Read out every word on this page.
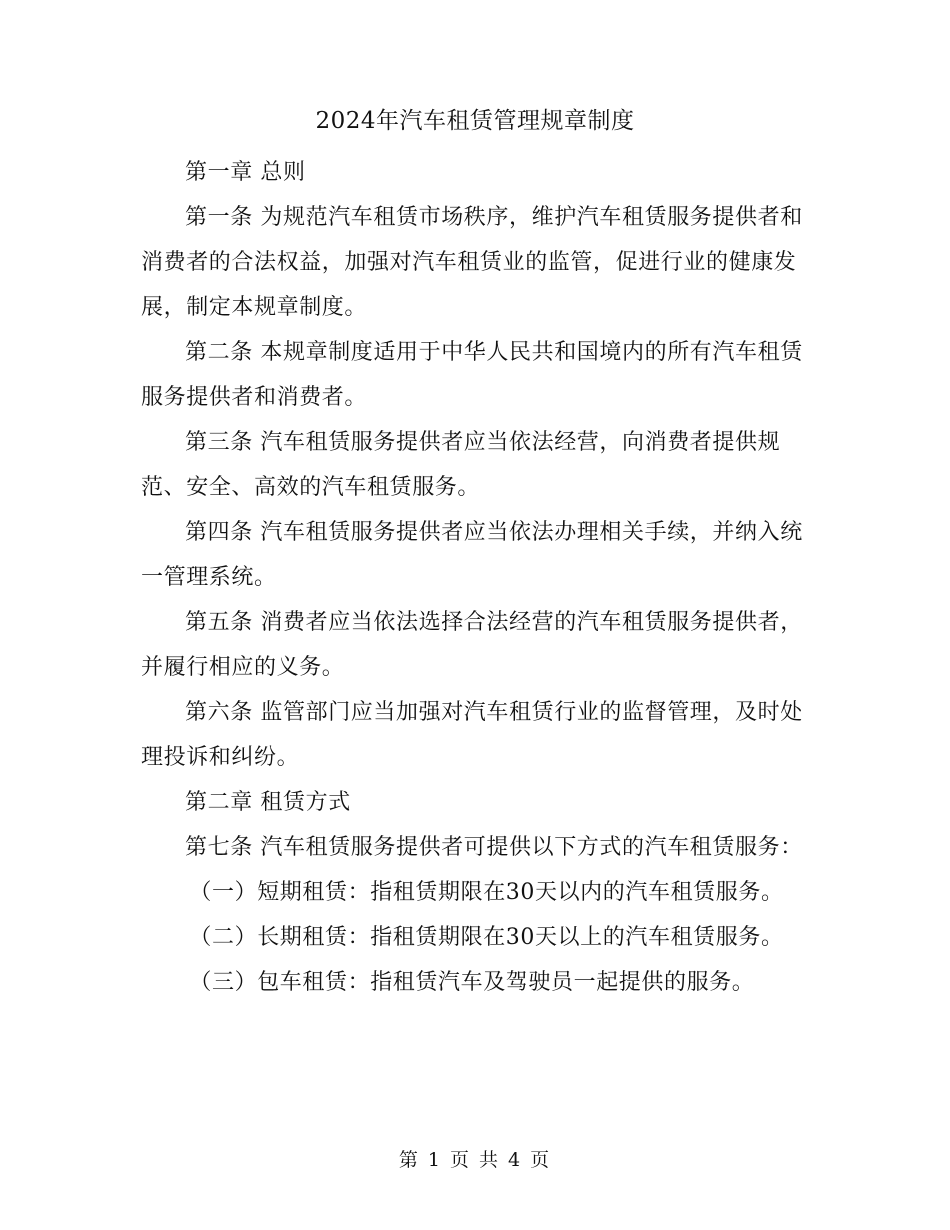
2024年汽车租赁管理规章制度

第一章 总则

第一条 为规范汽车租赁市场秩序，维护汽车租赁服务提供者和消费者的合法权益，加强对汽车租赁业的监管，促进行业的健康发展，制定本规章制度。

第二条 本规章制度适用于中华人民共和国境内的所有汽车租赁服务提供者和消费者。

第三条 汽车租赁服务提供者应当依法经营，向消费者提供规范、安全、高效的汽车租赁服务。

第四条 汽车租赁服务提供者应当依法办理相关手续，并纳入统一管理系统。

第五条 消费者应当依法选择合法经营的汽车租赁服务提供者，并履行相应的义务。

第六条 监管部门应当加强对汽车租赁行业的监督管理，及时处理投诉和纠纷。

第二章 租赁方式

第七条 汽车租赁服务提供者可提供以下方式的汽车租赁服务：

（一）短期租赁：指租赁期限在30天以内的汽车租赁服务。

（二）长期租赁：指租赁期限在30天以上的汽车租赁服务。

（三）包车租赁：指租赁汽车及驾驶员一起提供的服务。

第 1 页 共 4 页
